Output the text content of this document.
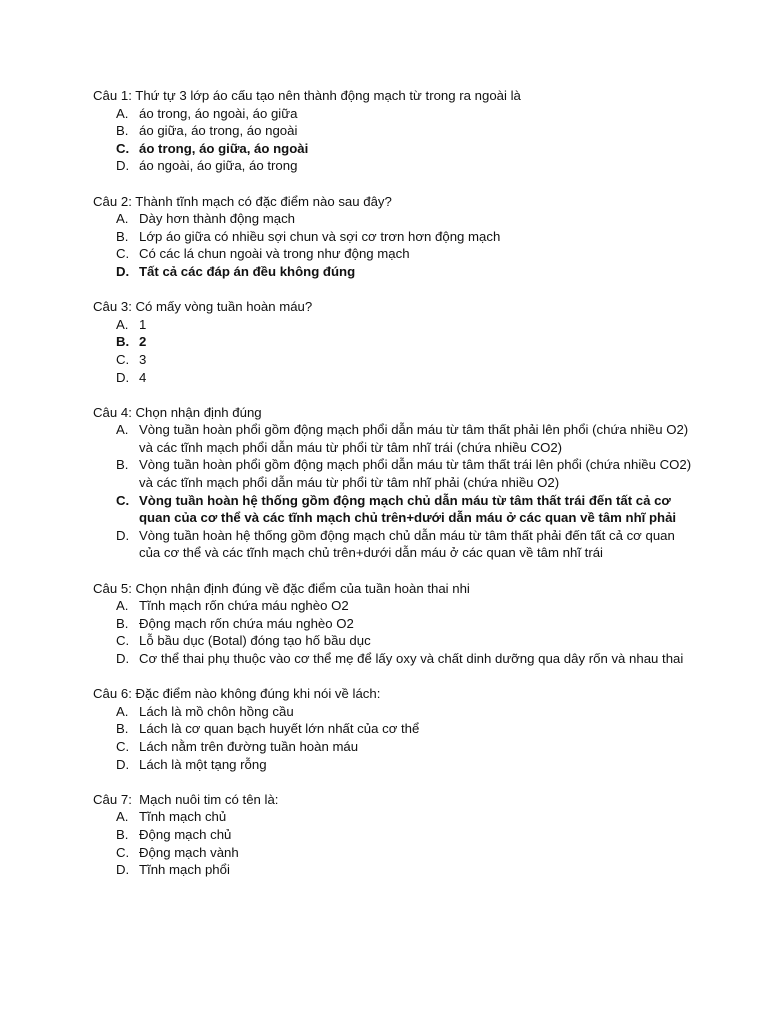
Câu 1: Thứ tự 3 lớp áo cấu tạo nên thành động mạch từ trong ra ngoài là
A. áo trong, áo ngoài, áo giữa
B. áo giữa, áo trong, áo ngoài
C. áo trong, áo giữa, áo ngoài
D. áo ngoài, áo giữa, áo trong
Câu 2: Thành tĩnh mạch có đặc điểm nào sau đây?
A. Dày hơn thành động mạch
B. Lớp áo giữa có nhiều sợi chun và sợi cơ trơn hơn động mạch
C. Có các lá chun ngoài và trong như động mạch
D. Tất cả các đáp án đều không đúng
Câu 3: Có mấy vòng tuần hoàn máu?
A. 1
B. 2
C. 3
D. 4
Câu 4: Chọn nhận định đúng
A. Vòng tuần hoàn phổi gồm động mạch phổi dẫn máu từ tâm thất phải lên phổi (chứa nhiều O2) và các tĩnh mạch phổi dẫn máu từ phổi từ tâm nhĩ trái (chứa nhiều CO2)
B. Vòng tuần hoàn phổi gồm động mạch phổi dẫn máu từ tâm thất trái lên phổi (chứa nhiều CO2) và các tĩnh mạch phổi dẫn máu từ phổi từ tâm nhĩ phải (chứa nhiều O2)
C. Vòng tuần hoàn hệ thống gồm động mạch chủ dẫn máu từ tâm thất trái đến tất cả cơ quan của cơ thể và các tĩnh mạch chủ trên+dưới dẫn máu ở các quan về tâm nhĩ phải
D. Vòng tuần hoàn hệ thống gồm động mạch chủ dẫn máu từ tâm thất phải đến tất cả cơ quan của cơ thể và các tĩnh mạch chủ trên+dưới dẫn máu ở các quan về tâm nhĩ trái
Câu 5: Chọn nhận định đúng về đặc điểm của tuần hoàn thai nhi
A. Tĩnh mạch rốn chứa máu nghèo O2
B. Động mạch rốn chứa máu nghèo O2
C. Lỗ bầu dục (Botal) đóng tạo hố bầu dục
D. Cơ thể thai phụ thuộc vào cơ thể mẹ để lấy oxy và chất dinh dưỡng qua dây rốn và nhau thai
Câu 6: Đặc điểm nào không đúng khi nói về lách:
A. Lách là mồ chôn hồng cầu
B. Lách là cơ quan bạch huyết lớn nhất của cơ thể
C. Lách nằm trên đường tuần hoàn máu
D. Lách là một tạng rỗng
Câu 7:  Mạch nuôi tim có tên là:
A. Tĩnh mạch chủ
B. Động mạch chủ
C. Động mạch vành
D. Tĩnh mạch phổi
